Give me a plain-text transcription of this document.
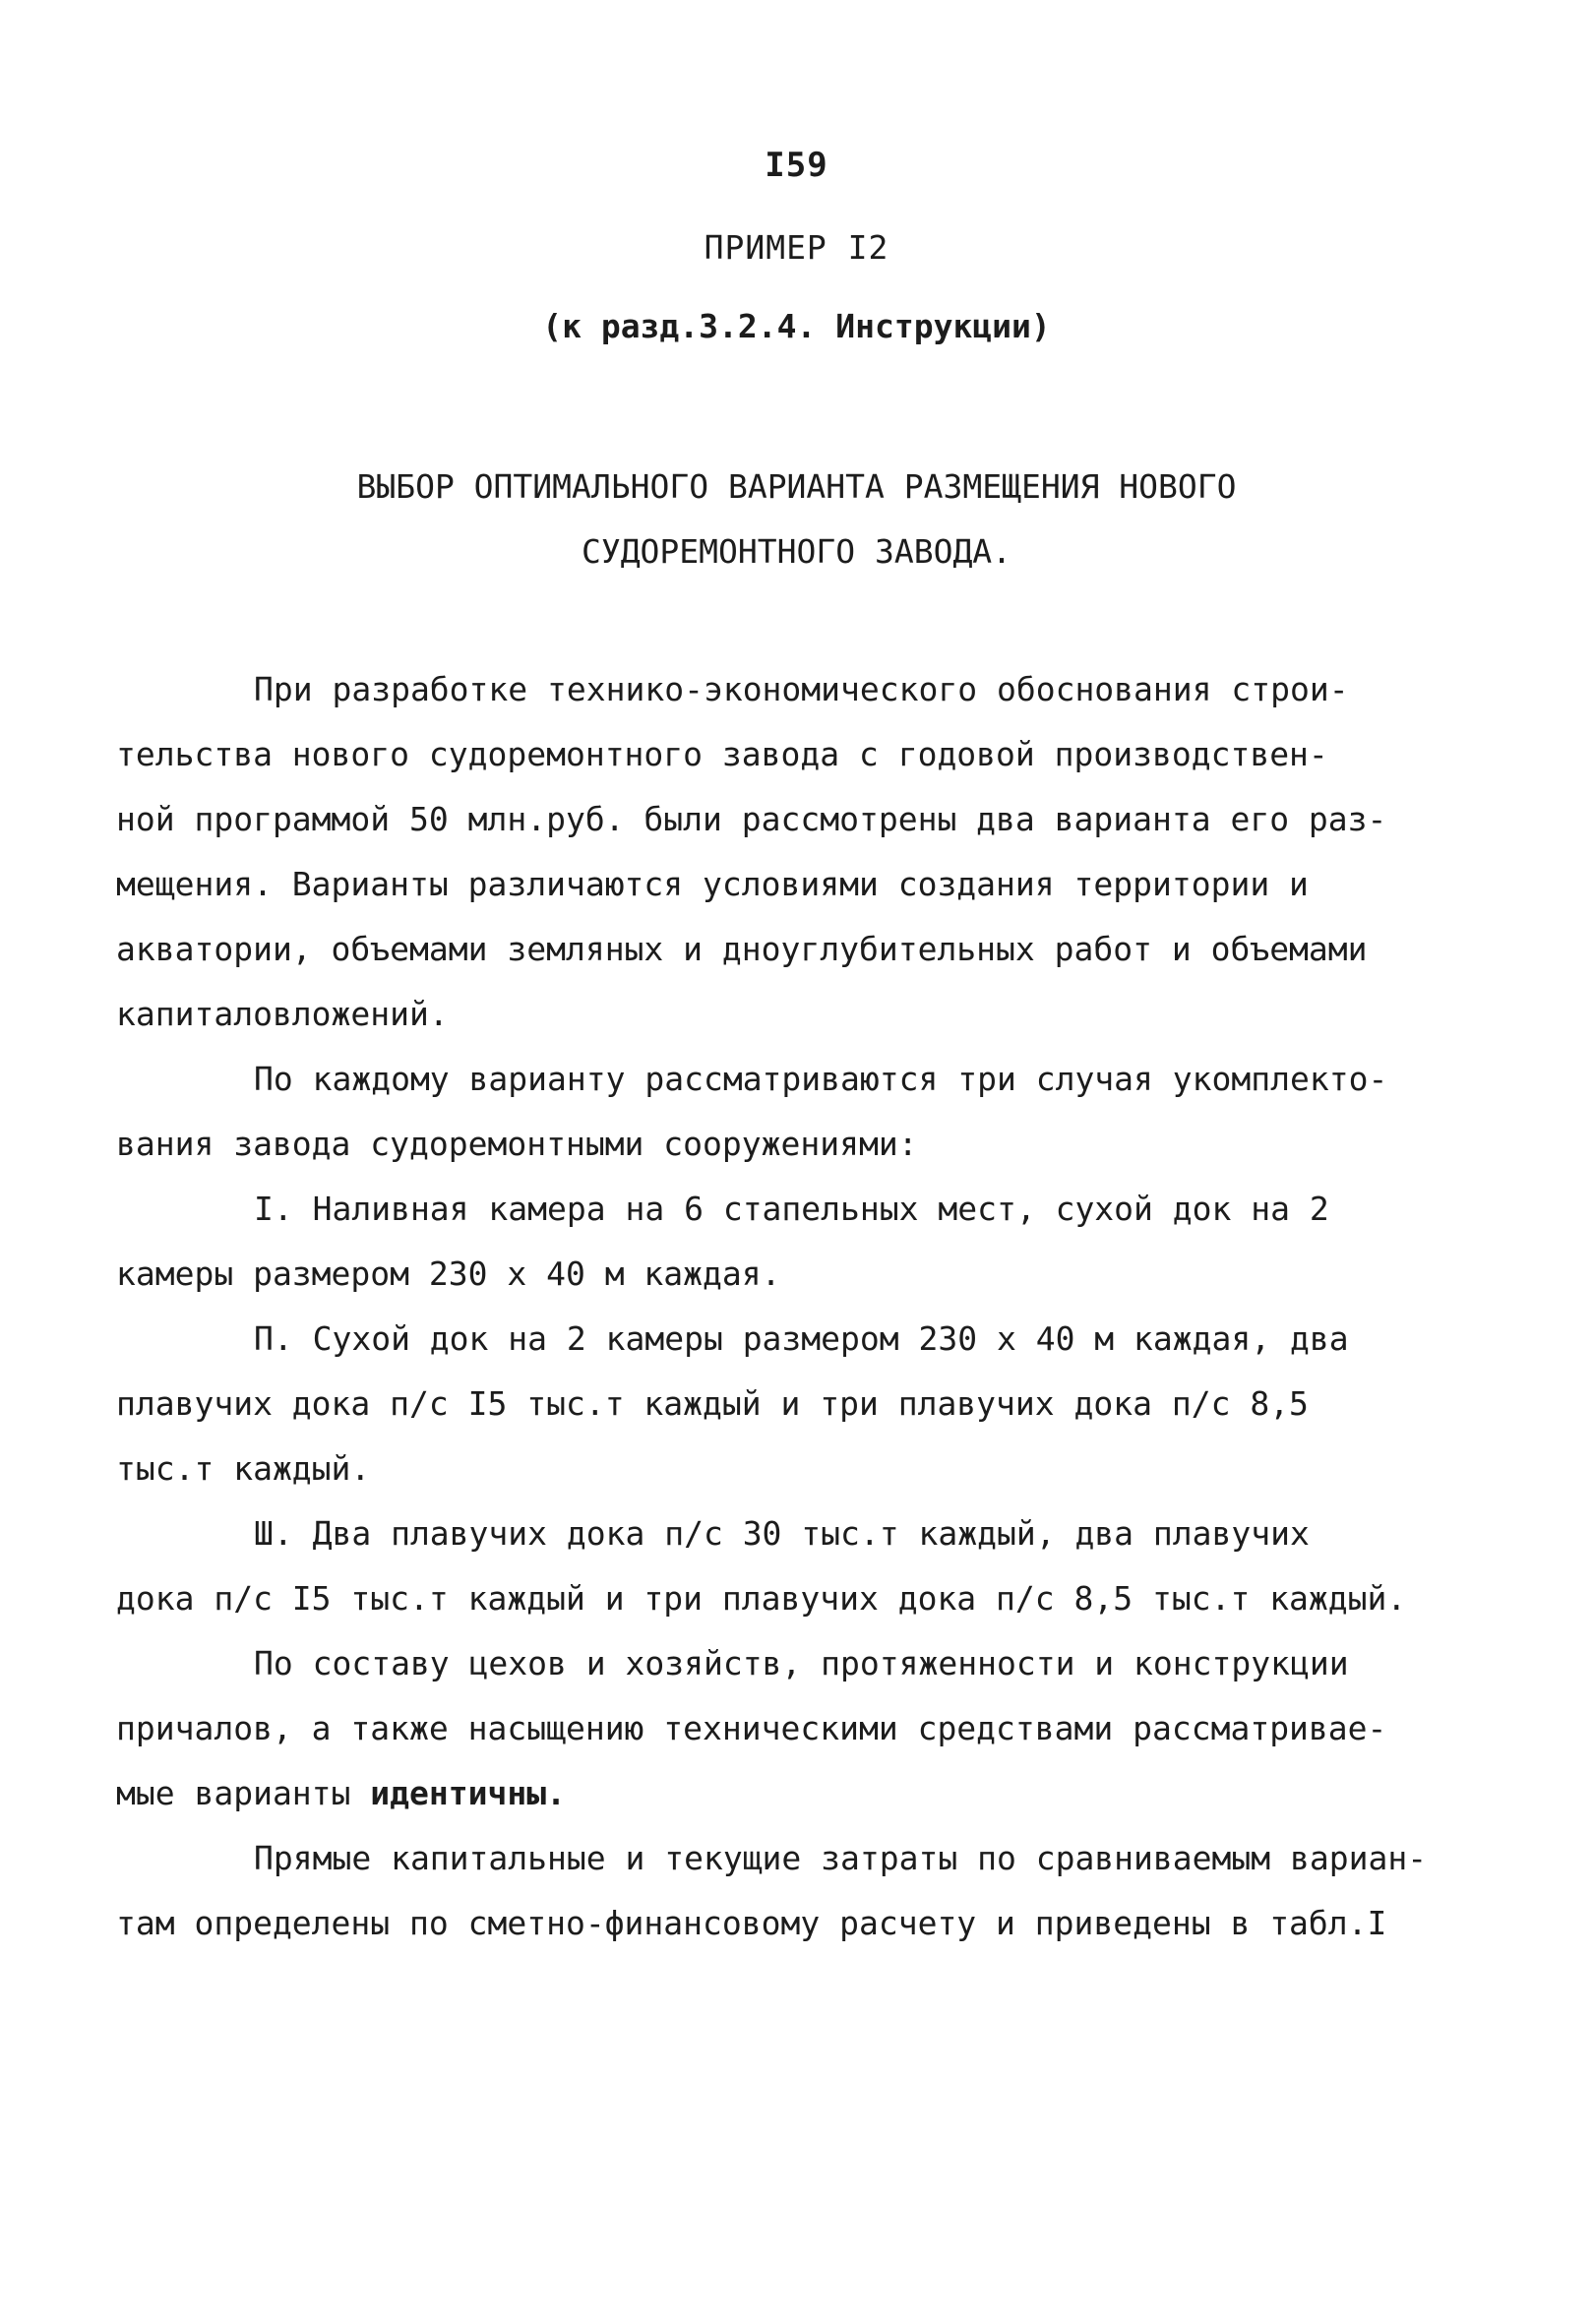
I59
ПРИМЕР I2
(к разд.3.2.4. Инструкции)
ВЫБОР ОПТИМАЛЬНОГО ВАРИАНТА РАЗМЕЩЕНИЯ НОВОГО
СУДОРЕМОНТНОГО ЗАВОДА.
При разработке технико-экономического обоснования строи-
тельства нового судоремонтного завода с годовой производствен-
ной программой 50 млн.руб. были рассмотрены два варианта его раз-
мещения. Варианты различаются условиями создания территории и
акватории, объемами земляных и дноуглубительных работ и объемами
капиталовложений.
По каждому варианту рассматриваются три случая укомплекто-
вания завода судоремонтными сооружениями:
I. Наливная камера на 6 стапельных мест, сухой док на 2
камеры размером 230 х 40 м каждая.
П. Сухой док на 2 камеры размером 230 х 40 м каждая, два
плавучих дока п/с I5 тыс.т каждый и три плавучих дока п/с 8,5
тыс.т каждый.
Ш. Два плавучих дока п/с 30 тыс.т каждый, два плавучих
дока п/с I5 тыс.т каждый и три плавучих дока п/с 8,5 тыс.т каждый.
По составу цехов и хозяйств, протяженности и конструкции
причалов, а также насыщению техническими средствами рассматривае-
мые варианты идентичны.
Прямые капитальные и текущие затраты по сравниваемым вариан-
там определены по сметно-финансовому расчету и приведены в табл.I
